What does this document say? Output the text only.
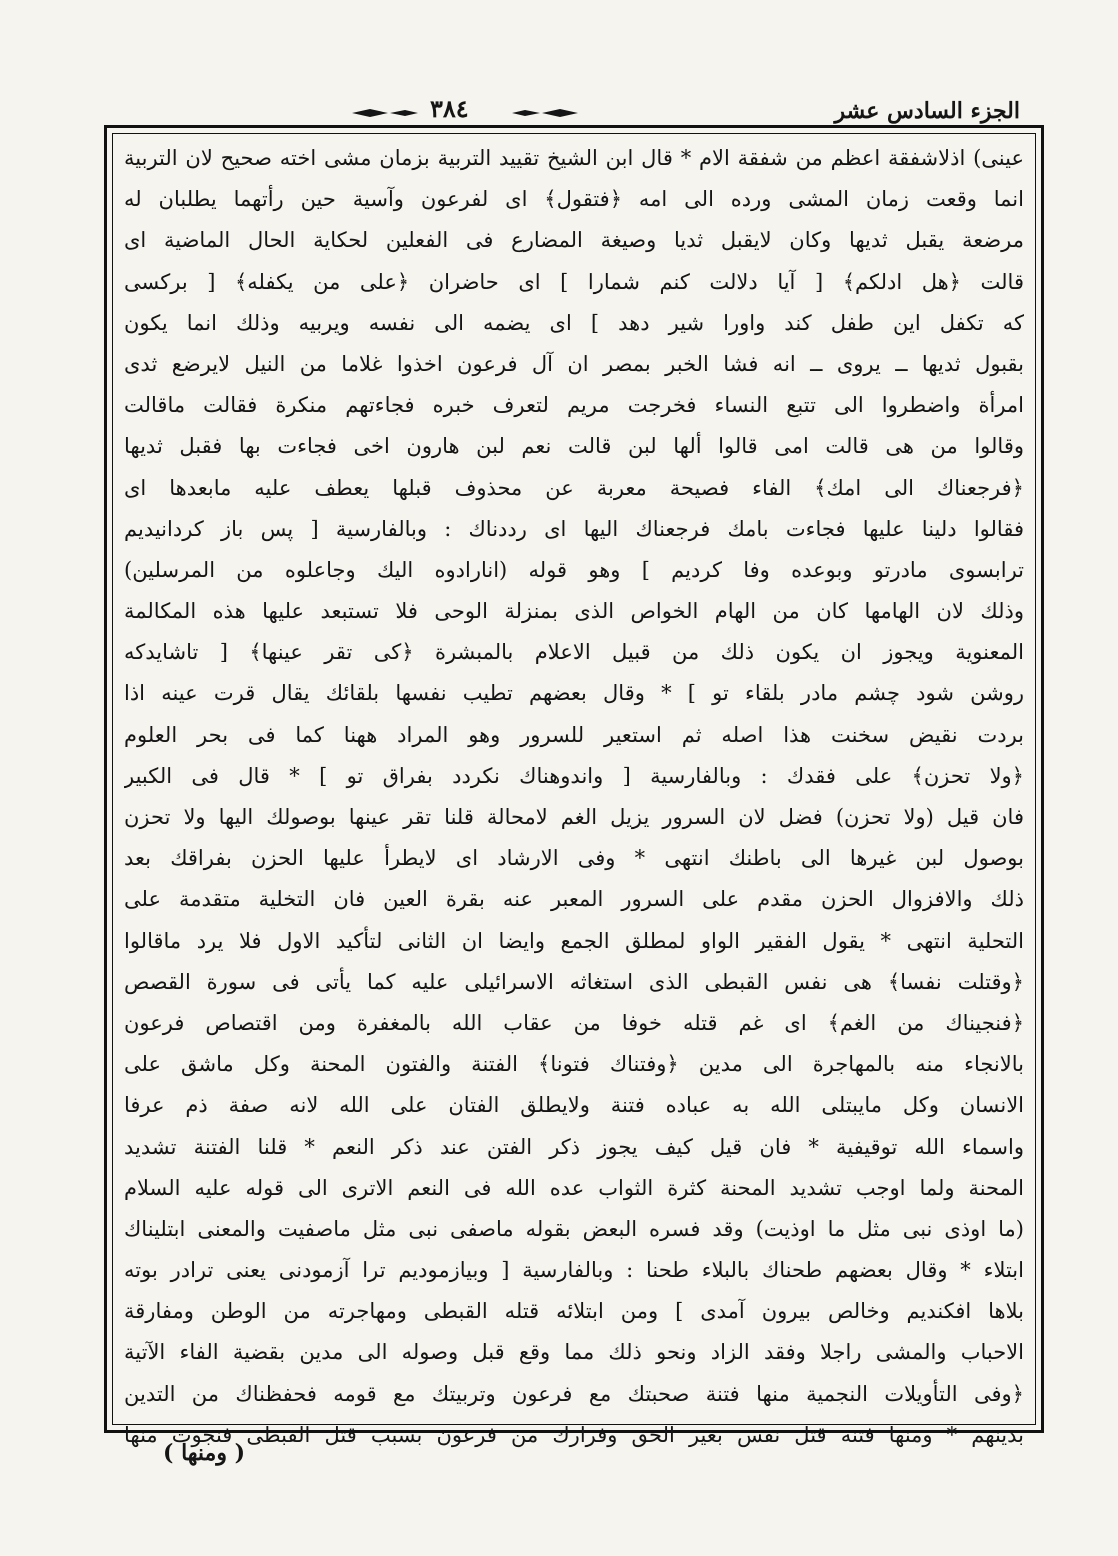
الجزء السادس عشر
٣٨٤
عينى) اذلاشفقة اعظم من شفقة الام * قال ابن الشيخ تقييد التربية بزمان مشى اخته صحيح لان التربية
انما وقعت زمان المشى ورده الى امه ﴿فتقول﴾ اى لفرعون وآسية حين رأتهما يطلبان له
مرضعة يقبل ثديها وكان لايقبل ثديا وصيغة المضارع فى الفعلين لحكاية الحال الماضية اى
قالت ﴿هل ادلكم﴾ [ آيا دلالت كنم شمارا ] اى حاضران ﴿على من يكفله﴾ [ بركسى
كه تكفل اين طفل كند واورا شير دهد ] اى يضمه الى نفسه ويربيه وذلك انما يكون
بقبول ثديها ــ يروى ــ انه فشا الخبر بمصر ان آل فرعون اخذوا غلاما من النيل لايرضع ثدى
امرأة واضطروا الى تتبع النساء فخرجت مريم لتعرف خبره فجاءتهم منكرة فقالت ماقالت
وقالوا من هى قالت امى قالوا ألها لبن قالت نعم لبن هارون اخى فجاءت بها فقبل ثديها
﴿فرجعناك الى امك﴾ الفاء فصيحة معربة عن محذوف قبلها يعطف عليه مابعدها اى
فقالوا دلينا عليها فجاءت بامك فرجعناك اليها اى رددناك : وبالفارسية [ پس باز كردانيديم
ترابسوى مادرتو وبوعده وفا كرديم ] وهو قوله (انارادوه اليك وجاعلوه من المرسلين)
وذلك لان الهامها كان من الهام الخواص الذى بمنزلة الوحى فلا تستبعد عليها هذه المكالمة
المعنوية ويجوز ان يكون ذلك من قبيل الاعلام بالمبشرة ﴿كى تقر عينها﴾ [ تاشايدكه
روشن شود چشم مادر بلقاء تو ] * وقال بعضهم تطيب نفسها بلقائك يقال قرت عينه اذا
بردت نقيض سخنت هذا اصله ثم استعير للسرور وهو المراد ههنا كما فى بحر العلوم
﴿ولا تحزن﴾ على فقدك : وبالفارسية [ واندوهناك نكردد بفراق تو ] * قال فى الكبير
فان قيل (ولا تحزن) فضل لان السرور يزيل الغم لامحالة قلنا تقر عينها بوصولك اليها ولا تحزن
بوصول لبن غيرها الى باطنك انتهى * وفى الارشاد اى لايطرأ عليها الحزن بفراقك بعد
ذلك والافزوال الحزن مقدم على السرور المعبر عنه بقرة العين فان التخلية متقدمة على
التحلية انتهى * يقول الفقير الواو لمطلق الجمع وايضا ان الثانى لتأكيد الاول فلا يرد ماقالوا
﴿وقتلت نفسا﴾ هى نفس القبطى الذى استغاثه الاسرائيلى عليه كما يأتى فى سورة القصص
﴿فنجيناك من الغم﴾ اى غم قتله خوفا من عقاب الله بالمغفرة ومن اقتصاص فرعون
بالانجاء منه بالمهاجرة الى مدين ﴿وفتناك فتونا﴾ الفتنة والفتون المحنة وكل ماشق على
الانسان وكل مايبتلى الله به عباده فتنة ولايطلق الفتان على الله لانه صفة ذم عرفا
واسماء الله توقيفية * فان قيل كيف يجوز ذكر الفتن عند ذكر النعم * قلنا الفتنة تشديد
المحنة ولما اوجب تشديد المحنة كثرة الثواب عده الله فى النعم الاترى الى قوله عليه السلام
(ما اوذى نبى مثل ما اوذيت) وقد فسره البعض بقوله ماصفى نبى مثل ماصفيت والمعنى ابتليناك
ابتلاء * وقال بعضهم طحناك بالبلاء طحنا : وبالفارسية [ وبيازموديم ترا آزمودنى يعنى ترادر بوته
بلاها افكنديم وخالص بيرون آمدى ] ومن ابتلائه قتله القبطى ومهاجرته من الوطن ومفارقة
الاحباب والمشى راجلا وفقد الزاد ونحو ذلك مما وقع قبل وصوله الى مدين بقضية الفاء الآتية
﴿وفى التأويلات النجمية منها فتنة صحبتك مع فرعون وتربيتك مع قومه فحفظناك من التدين
بدينهم * ومنها فتنة قتل نفس بغير الحق وفرارك من فرعون بسبب قتل القبطى فنجوت منها
( ومنها )
